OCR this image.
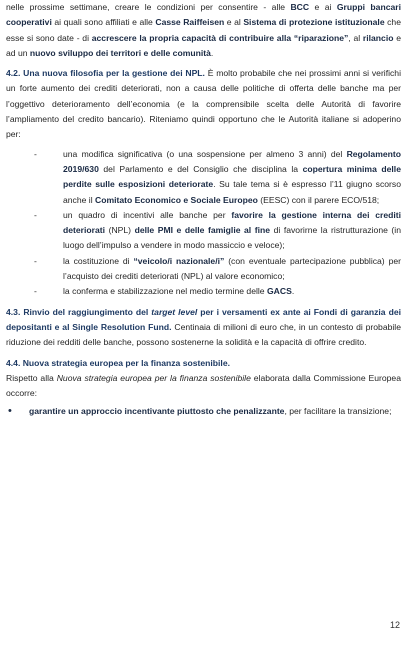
nelle prossime settimane, creare le condizioni per consentire - alle BCC e ai Gruppi bancari cooperativi ai quali sono affiliati e alle Casse Raiffeisen e al Sistema di protezione istituzionale che esse si sono date - di accrescere la propria capacità di contribuire alla “riparazione”, al rilancio e ad un nuovo sviluppo dei territori e delle comunità.

4.2. Una nuova filosofia per la gestione dei NPL. È molto probabile che nei prossimi anni si verifichi un forte aumento dei crediti deteriorati, non a causa delle politiche di offerta delle banche ma per l’oggettivo deterioramento dell’economia (e la comprensibile scelta delle Autorità di favorire l’ampliamento del credito bancario). Riteniamo quindi opportuno che le Autorità italiane si adoperino per:

- una modifica significativa (o una sospensione per almeno 3 anni) del Regolamento 2019/630 del Parlamento e del Consiglio che disciplina la copertura minima delle perdite sulle esposizioni deteriorate. Su tale tema si è espresso l’11 giugno scorso anche il Comitato Economico e Sociale Europeo (EESC) con il parere ECO/518;
- un quadro di incentivi alle banche per favorire la gestione interna dei crediti deteriorati (NPL) delle PMI e delle famiglie al fine di favorirne la ristrutturazione (in luogo dell’impulso a vendere in modo massiccio e veloce);
- la costituzione di “veicolo/i nazionale/i” (con eventuale partecipazione pubblica) per l’acquisto dei crediti deteriorati (NPL) al valore economico;
- la conferma e stabilizzazione nel medio termine delle GACS.

4.3. Rinvio del raggiungimento del target level per i versamenti ex ante ai Fondi di garanzia dei depositanti e al Single Resolution Fund. Centinaia di milioni di euro che, in un contesto di probabile riduzione dei redditi delle banche, possono sostenerne la solidità e la capacità di offrire credito.

4.4. Nuova strategia europea per la finanza sostenibile.

Rispetto alla Nuova strategia europea per la finanza sostenibile elaborata dalla Commissione Europea occorre:

• garantire un approccio incentivante piuttosto che penalizzante, per facilitare la transizione;
12
